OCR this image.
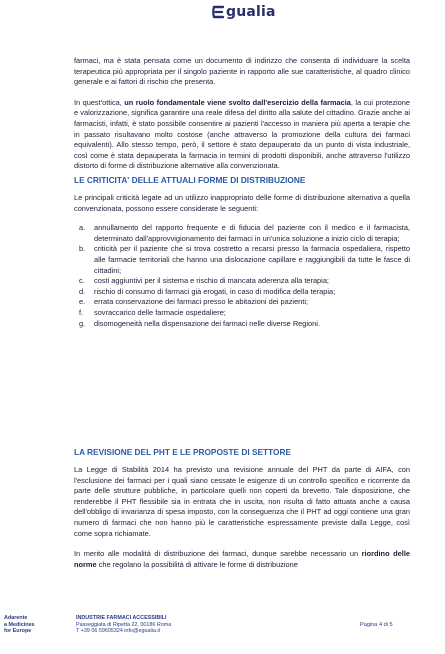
gualia

farmaci, ma è stata pensata come un documento di indirizzo che consenta di individuare la scelta terapeutica più appropriata per il singolo paziente in rapporto alle sue caratteristiche, al quadro clinico generale e ai fattori di rischio che presenta.

In quest'ottica, un ruolo fondamentale viene svolto dall'esercizio della farmacia, la cui protezione e valorizzazione, significa garantire una reale difesa del diritto alla salute del cittadino. Grazie anche ai farmacisti, infatti, è stato possibile consentire ai pazienti l'accesso in maniera più aperta a terapie che in passato risultavano molto costose (anche attraverso la promozione della cultura dei farmaci equivalenti). Allo stesso tempo, però, il settore è stato depauperato da un punto di vista industriale, così come è stata depauperata la farmacia in termini di prodotti disponibili, anche attraverso l'utilizzo distorto di forme di distribuzione alternative alla convenzionata.

LE CRITICITA' DELLE ATTUALI FORME DI DISTRIBUZIONE

Le principali criticità legate ad un utilizzo inappropriato delle forme di distribuzione alternativa a quella convenzionata, possono essere considerate le seguenti:

a. annullamento del rapporto frequente e di fiducia del paziente con il medico e il farmacista, determinato dall'approvvigionamento dei farmaci in un'unica soluzione a inizio ciclo di terapia;
b. criticità per il paziente che si trova costretto a recarsi presso la farmacia ospedaliera, rispetto alle farmacie territoriali che hanno una dislocazione capillare e raggiungibili da tutte le fasce di cittadini;
c. costi aggiuntivi per il sistema e rischio di mancata aderenza alla terapia;
d. rischio di consumo di farmaci già erogati, in caso di modifica della terapia;
e. errata conservazione dei farmaci presso le abitazioni dei pazienti;
f. sovraccarico delle farmacie ospedaliere;
g. disomogeneità nella dispensazione dei farmaci nelle diverse Regioni.
LA REVISIONE DEL PHT E LE PROPOSTE DI SETTORE

La Legge di Stabilità 2014 ha previsto una revisione annuale del PHT da parte di AIFA, con l'esclusione dei farmaci per i quali siano cessate le esigenze di un controllo specifico e ricorrente da parte delle strutture pubbliche, in particolare quelli non coperti da brevetto. Tale disposizione, che renderebbe il PHT flessibile sia in entrata che in uscita, non risulta di fatto attuata anche a causa dell'obbligo di invarianza di spesa imposto, con la conseguenza che il PHT ad oggi contiene una gran numero di farmaci che non hanno più le caratteristiche espressamente previste dalla Legge, così come sopra richiamate.

In merito alle modalità di distribuzione dei farmaci, dunque sarebbe necessario un riordino delle norme che regolano la possibilità di attivare le forme di distribuzione

Adarente
a Medicines
for Europe
INDUSTRIE FARMACI ACCESSIBILI
Passeggiata di Ripetta 22, 00186 Roma
T +39 06 59605324 info@egualia.it
Pagina 4 di 5
